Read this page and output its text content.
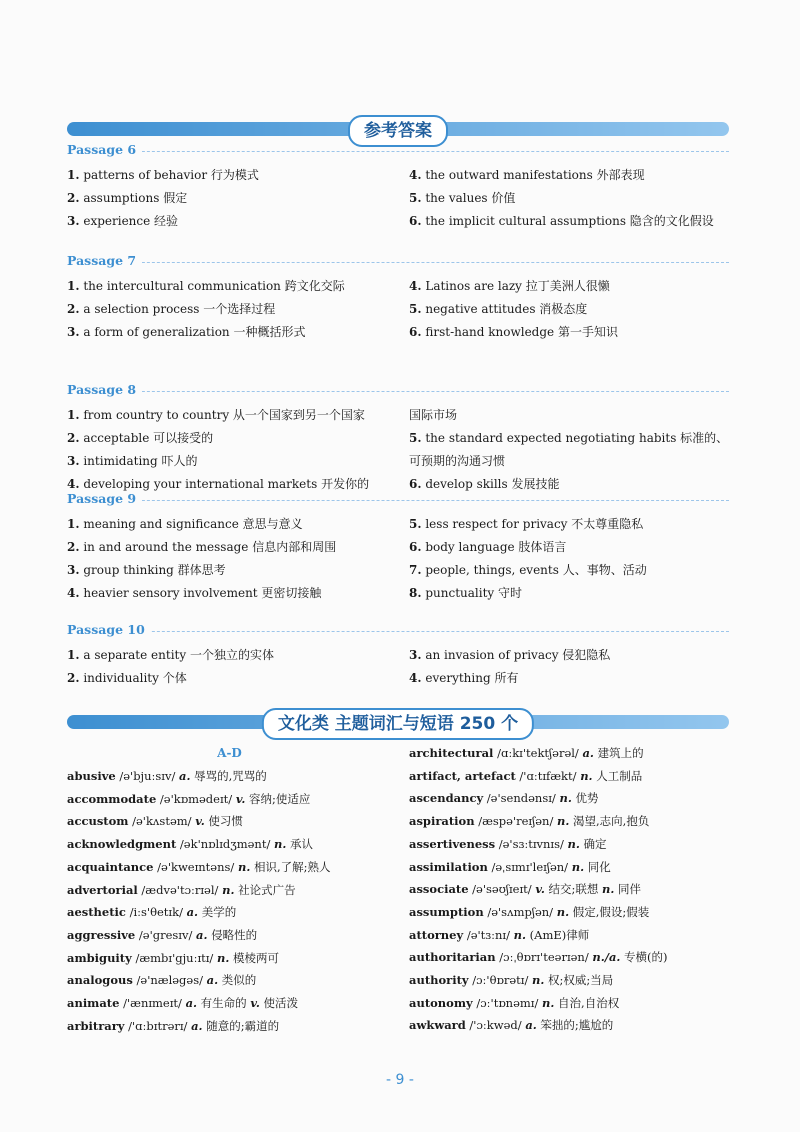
参考答案
Passage 6
1. patterns of behavior 行为模式
2. assumptions 假定
3. experience 经验
4. the outward manifestations 外部表现
5. the values 价值
6. the implicit cultural assumptions 隐含的文化假设
Passage 7
1. the intercultural communication 跨文化交际
2. a selection process 一个选择过程
3. a form of generalization 一种概括形式
4. Latinos are lazy 拉丁美洲人很懒
5. negative attitudes 消极态度
6. first-hand knowledge 第一手知识
Passage 8
1. from country to country 从一个国家到另一个国家
2. acceptable 可以接受的
3. intimidating 吓人的
4. developing your international markets 开发你的
国际市场
5. the standard expected negotiating habits 标准的、
可预期的沟通习惯
6. develop skills 发展技能
Passage 9
1. meaning and significance 意思与意义
2. in and around the message 信息内部和周围
3. group thinking 群体思考
4. heavier sensory involvement 更密切接触
5. less respect for privacy 不太尊重隐私
6. body language 肢体语言
7. people, things, events 人、事物、活动
8. punctuality 守时
Passage 10
1. a separate entity 一个独立的实体
2. individuality 个体
3. an invasion of privacy 侵犯隐私
4. everything 所有
文化类 主题词汇与短语 250 个
A-D
abusive /ə'bjuːsɪv/ a. 辱骂的,咒骂的
accommodate /ə'kɒmədeɪt/ v. 容纳;使适应
accustom /ə'kʌstəm/ v. 使习惯
acknowledgment /ək'nɒlɪdʒmənt/ n. 承认
acquaintance /ə'kweɪntəns/ n. 相识,了解;熟人
advertorial /ædvə'tɔːrɪəl/ n. 社论式广告
aesthetic /iːs'θetɪk/ a. 美学的
aggressive /ə'gresɪv/ a. 侵略性的
ambiguity /æmbɪ'gjuːɪtɪ/ n. 模棱两可
analogous /ə'næləgəs/ a. 类似的
animate /'ænɪmeɪt/ a. 有生命的 v. 使活泼
arbitrary /'ɑːbɪtrərɪ/ a. 随意的;霸道的
architectural /ɑːkɪ'tektʃərəl/ a. 建筑上的
artifact, artefact /'ɑːtɪfækt/ n. 人工制品
ascendancy /ə'sendənsɪ/ n. 优势
aspiration /æspə'reɪʃən/ n. 渴望,志向,抱负
assertiveness /ə'sɜːtɪvnɪs/ n. 确定
assimilation /əˌsɪmɪ'leɪʃən/ n. 同化
associate /ə'səʊʃɪeɪt/ v. 结交;联想 n. 同伴
assumption /ə'sʌmpʃən/ n. 假定,假设;假装
attorney /ə'tɜːnɪ/ n. (AmE)律师
authoritarian /ɔːˌθɒrɪ'teərɪən/ n./a. 专横(的)
authority /ɔː'θɒrətɪ/ n. 权;权威;当局
autonomy /ɔː'tɒnəmɪ/ n. 自治,自治权
awkward /'ɔːkwəd/ a. 笨拙的;尴尬的
- 9 -
